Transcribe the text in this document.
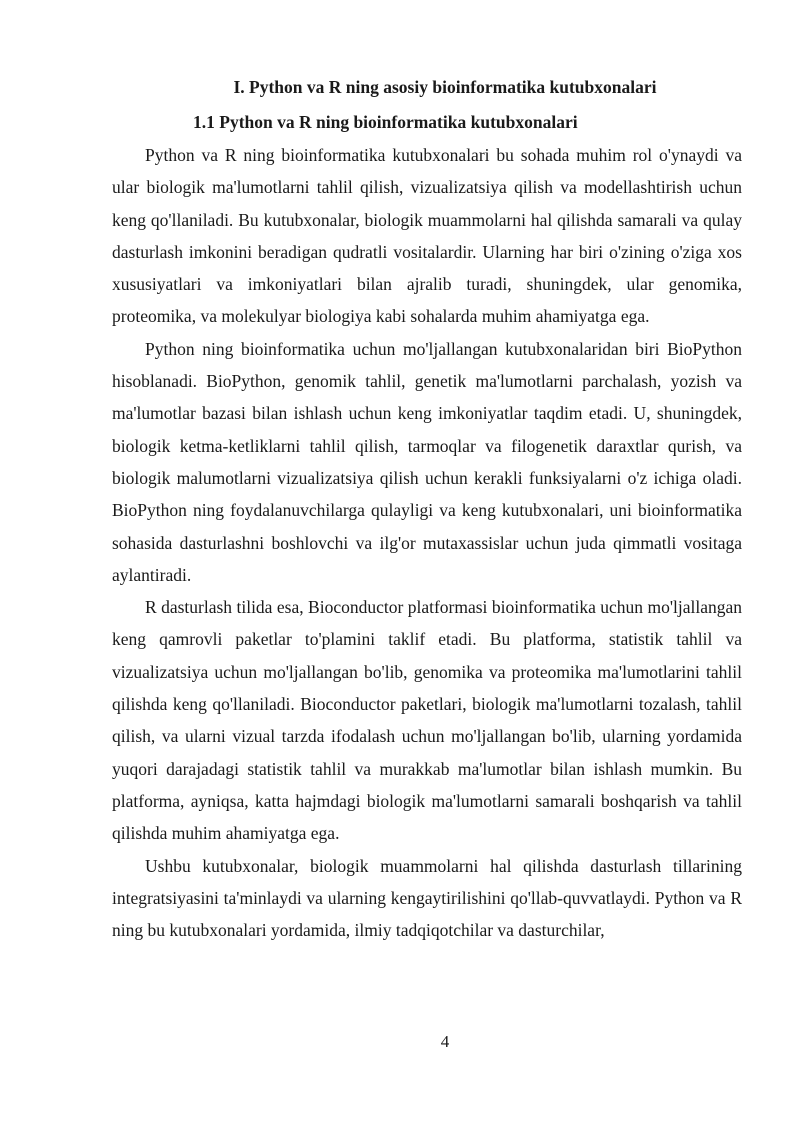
I. Python va R ning asosiy bioinformatika kutubxonalari
1.1 Python va R ning bioinformatika kutubxonalari

Python va R ning bioinformatika kutubxonalari bu sohada muhim rol o'ynaydi va ular biologik ma'lumotlarni tahlil qilish, vizualizatsiya qilish va modellashtirish uchun keng qo'llaniladi. Bu kutubxonalar, biologik muammolarni hal qilishda samarali va qulay dasturlash imkonini beradigan qudratli vositalardir. Ularning har biri o'zining o'ziga xos xususiyatlari va imkoniyatlari bilan ajralib turadi, shuningdek, ular genomika, proteomika, va molekulyar biologiya kabi sohalarda muhim ahamiyatga ega.

Python ning bioinformatika uchun mo'ljallangan kutubxonalaridan biri BioPython hisoblanadi. BioPython, genomik tahlil, genetik ma'lumotlarni parchalash, yozish va ma'lumotlar bazasi bilan ishlash uchun keng imkoniyatlar taqdim etadi. U, shuningdek, biologik ketma-ketliklarni tahlil qilish, tarmoqlar va filogenetik daraxtlar qurish, va biologik malumotlarni vizualizatsiya qilish uchun kerakli funksiyalarni o'z ichiga oladi. BioPython ning foydalanuvchilarga qulayligi va keng kutubxonalari, uni bioinformatika sohasida dasturlashni boshlovchi va ilg'or mutaxassislar uchun juda qimmatli vositaga aylantiradi.

R dasturlash tilida esa, Bioconductor platformasi bioinformatika uchun mo'ljallangan keng qamrovli paketlar to'plamini taklif etadi. Bu platforma, statistik tahlil va vizualizatsiya uchun mo'ljallangan bo'lib, genomika va proteomika ma'lumotlarini tahlil qilishda keng qo'llaniladi. Bioconductor paketlari, biologik ma'lumotlarni tozalash, tahlil qilish, va ularni vizual tarzda ifodalash uchun mo'ljallangan bo'lib, ularning yordamida yuqori darajadagi statistik tahlil va murakkab ma'lumotlar bilan ishlash mumkin. Bu platforma, ayniqsa, katta hajmdagi biologik ma'lumotlarni samarali boshqarish va tahlil qilishda muhim ahamiyatga ega.

Ushbu kutubxonalar, biologik muammolarni hal qilishda dasturlash tillarining integratsiyasini ta'minlaydi va ularning kengaytirilishini qo'llab-quvvatlaydi. Python va R ning bu kutubxonalari yordamida, ilmiy tadqiqotchilar va dasturchilar,

4
